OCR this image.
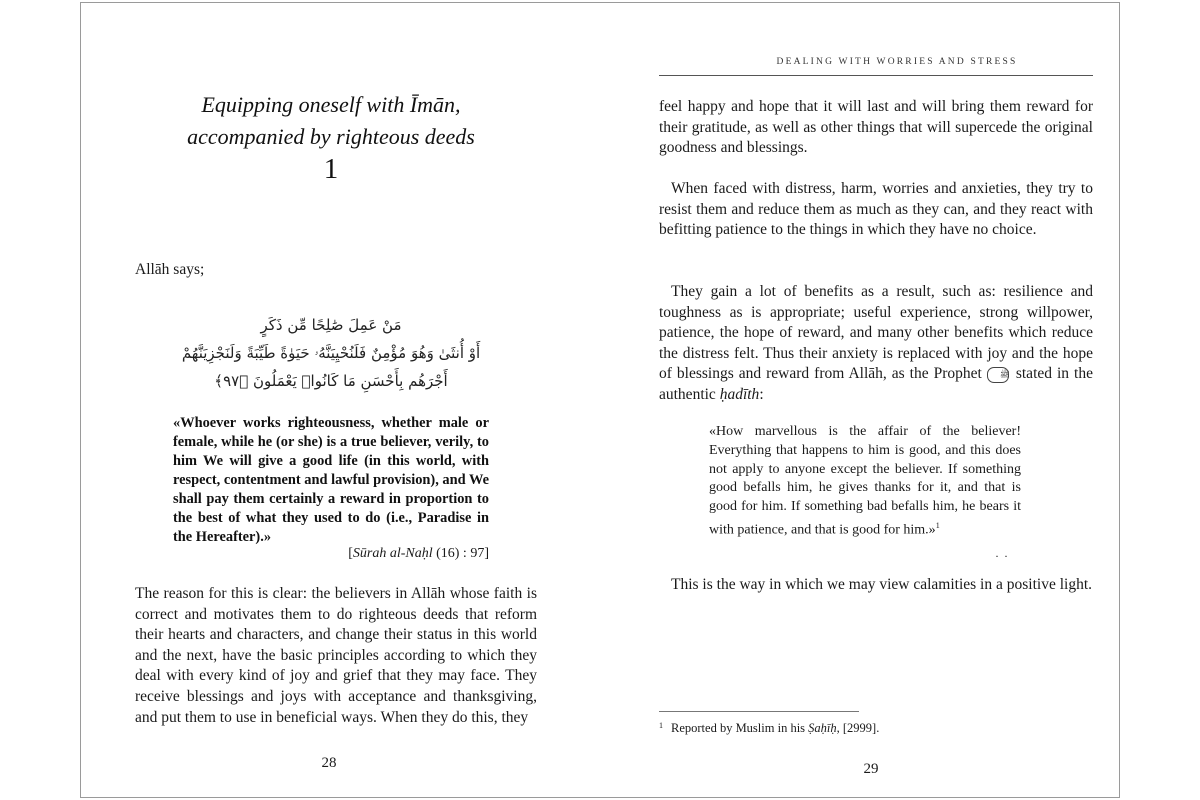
Equipping oneself with Īmān,
accompanied by righteous deeds
1
Allāh says;
مَنْ عَمِلَ صَٰلِحًا مِّن ذَكَرٍ
أَوْ أُنثَىٰ وَهُوَ مُؤْمِنٌ فَلَنُحْيِيَنَّهُۥ حَيَوٰةً طَيِّبَةً وَلَنَجْزِيَنَّهُمْ
أَجْرَهُم بِأَحْسَنِ مَا كَانُوا۟ يَعْمَلُونَ ﴿٩٧﴾
«Whoever works righteousness, whether male or female, while he (or she) is a true believer, verily, to him We will give a good life (in this world, with respect, contentment and lawful provision), and We shall pay them certainly a reward in proportion to the best of what they used to do (i.e., Paradise in the Hereafter).»
[Sūrah al-Naḥl (16) : 97]

The reason for this is clear: the believers in Allāh whose faith is correct and motivates them to do righteous deeds that reform their hearts and characters, and change their status in this world and the next, have the basic principles according to which they deal with every kind of joy and grief that they may face. They receive blessings and joys with acceptance and thanksgiving, and put them to use in beneficial ways. When they do this, they

28
DEALING WITH WORRIES AND STRESS

feel happy and hope that it will last and will bring them reward for their gratitude, as well as other things that will supercede the original goodness and blessings.

When faced with distress, harm, worries and anxieties, they try to resist them and reduce them as much as they can, and they react with befitting patience to the things in which they have no choice.

They gain a lot of benefits as a result, such as: resilience and toughness as is appropriate; useful experience, strong willpower, patience, the hope of reward, and many other benefits which reduce the distress felt. Thus their anxiety is replaced with joy and the hope of blessings and reward from Allāh, as the Prophet ﷺ stated in the authentic ḥadīth:

«How marvellous is the affair of the believer! Everything that happens to him is good, and this does not apply to anyone except the believer. If something good befalls him, he gives thanks for it, and that is good for him. If something bad befalls him, he bears it with patience, and that is good for him.»$^1$

· ·

This is the way in which we may view calamities in a positive light.

$^1$ Reported by Muslim in his Ṣaḥīḥ, [2999].
29
